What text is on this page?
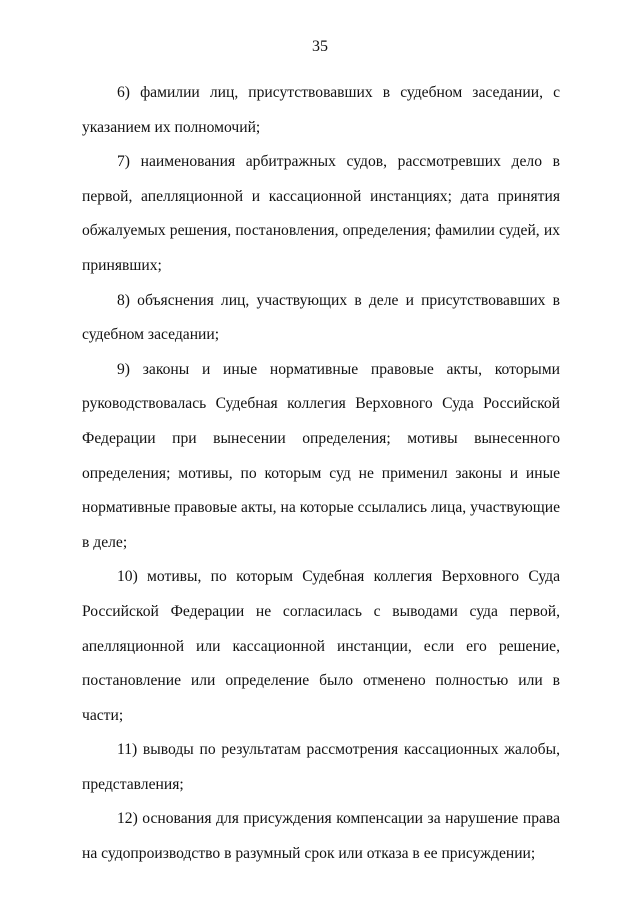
35

6) фамилии лиц, присутствовавших в судебном заседании, с указанием их полномочий;

7) наименования арбитражных судов, рассмотревших дело в первой, апелляционной и кассационной инстанциях; дата принятия обжалуемых решения, постановления, определения; фамилии судей, их принявших;

8) объяснения лиц, участвующих в деле и присутствовавших в судебном заседании;

9) законы и иные нормативные правовые акты, которыми руководствовалась Судебная коллегия Верховного Суда Российской Федерации при вынесении определения; мотивы вынесенного определения; мотивы, по которым суд не применил законы и иные нормативные правовые акты, на которые ссылались лица, участвующие в деле;

10) мотивы, по которым Судебная коллегия Верховного Суда Российской Федерации не согласилась с выводами суда первой, апелляционной или кассационной инстанции, если его решение, постановление или определение было отменено полностью или в части;

11) выводы по результатам рассмотрения кассационных жалобы, представления;

12) основания для присуждения компенсации за нарушение права на судопроизводство в разумный срок или отказа в ее присуждении;
